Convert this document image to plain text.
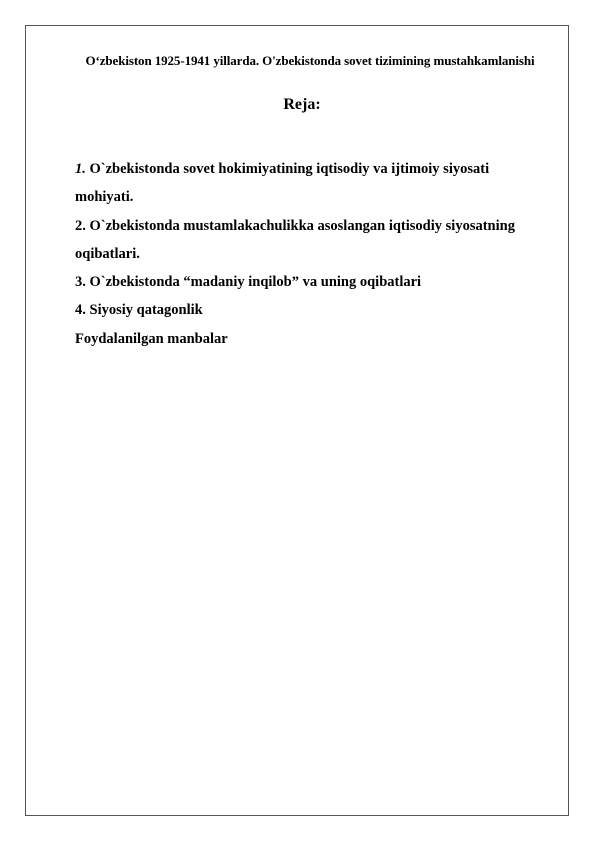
O‘zbekiston 1925-1941 yillarda. O'zbekistonda sovet tizimining mustahkamlanishi
Reja:
1. O`zbekistonda sovet hokimiyatining iqtisodiy va ijtimoiy siyosati mohiyati.
2. O`zbekistonda mustamlakachulikka asoslangan iqtisodiy siyosatning oqibatlari.
3. O`zbekistonda “madaniy inqilob” va uning oqibatlari
4. Siyosiy qatagonlik
Foydalanilgan manbalar
